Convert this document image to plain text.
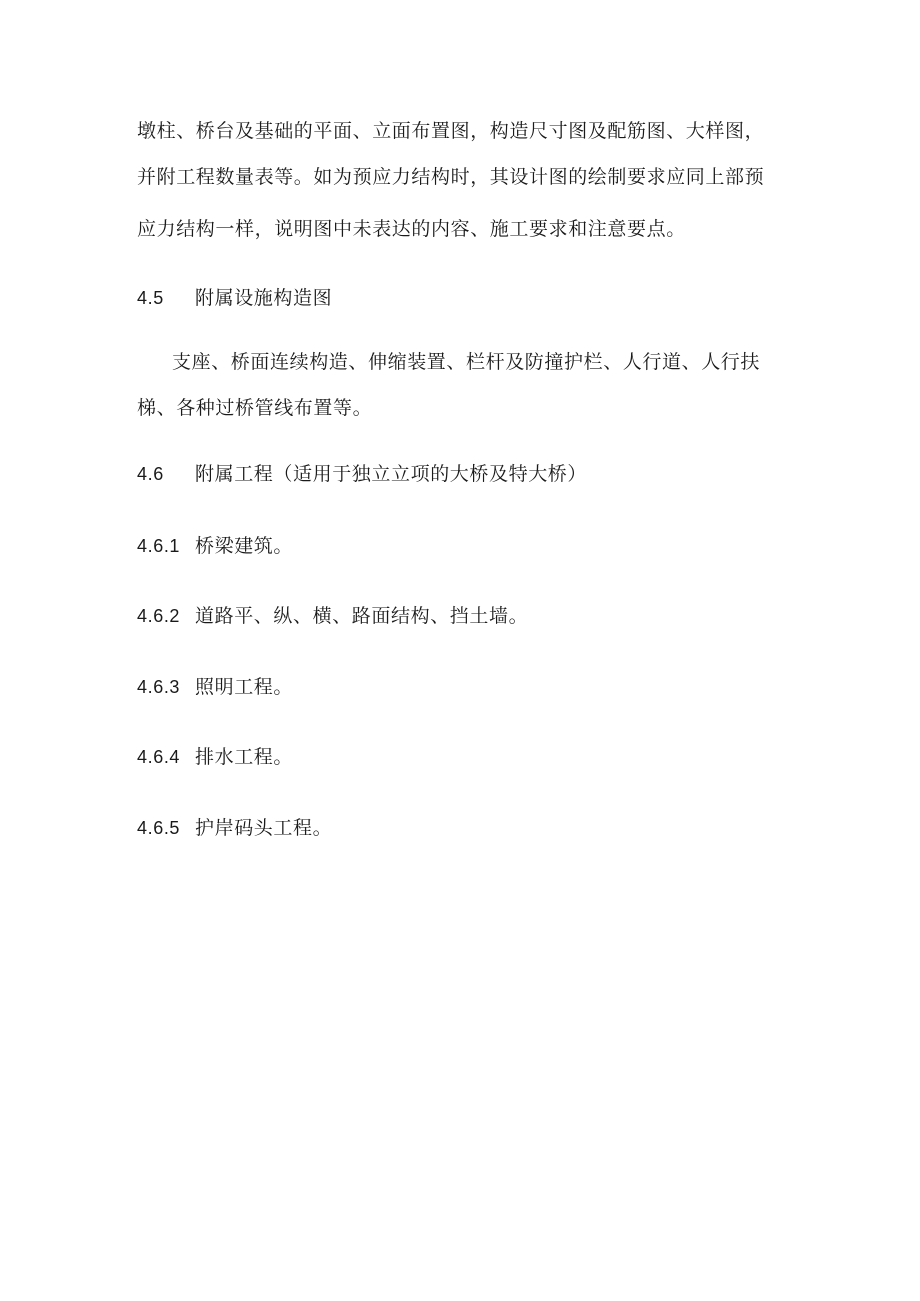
墩柱、桥台及基础的平面、立面布置图，构造尺寸图及配筋图、大样图，
并附工程数量表等。如为预应力结构时，其设计图的绘制要求应同上部预
应力结构一样，说明图中未表达的内容、施工要求和注意要点。
4.5 附属设施构造图
支座、桥面连续构造、伸缩装置、栏杆及防撞护栏、人行道、人行扶
梯、各种过桥管线布置等。
4.6 附属工程（适用于独立立项的大桥及特大桥）
4.6.1 桥梁建筑。
4.6.2 道路平、纵、横、路面结构、挡土墙。
4.6.3 照明工程。
4.6.4 排水工程。
4.6.5 护岸码头工程。
